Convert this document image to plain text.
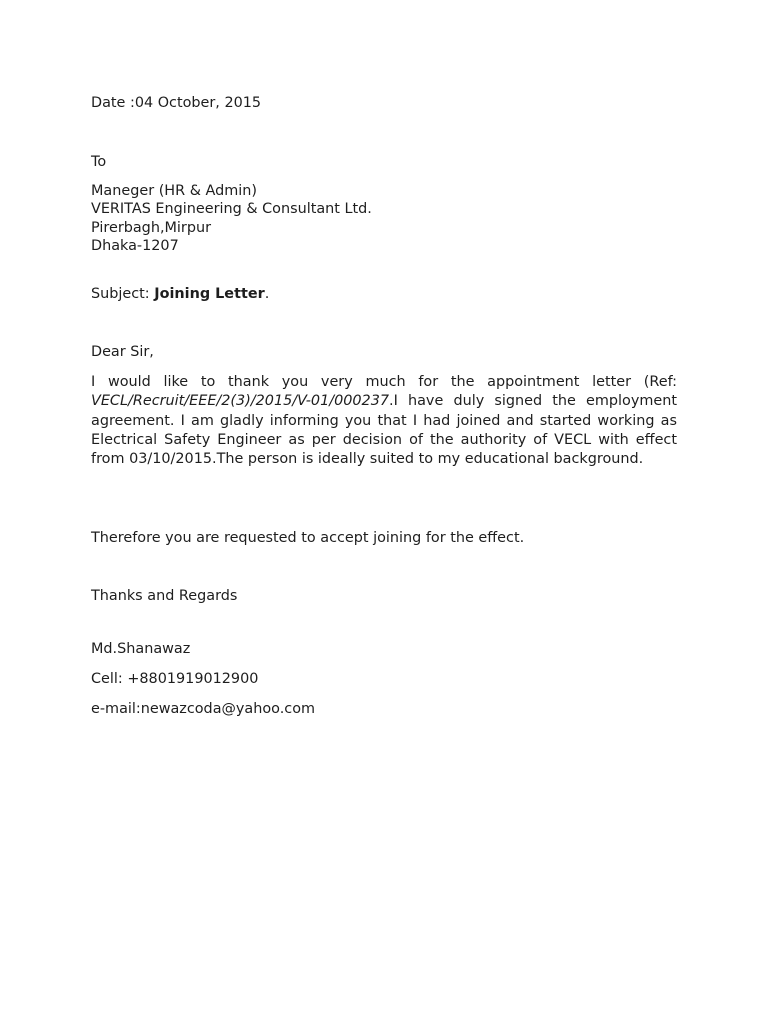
Date :04 October, 2015

To

Maneger (HR & Admin)
VERITAS Engineering & Consultant Ltd.
Pirerbagh,Mirpur
Dhaka-1207

Subject: Joining Letter.

Dear Sir,

I would like to thank you very much for the appointment letter (Ref: VECL/Recruit/EEE/2(3)/2015/V-01/000237.I have duly signed the employment agreement. I am gladly informing you that I had joined and started working as Electrical Safety Engineer as per decision of the authority of VECL with effect from 03/10/2015.The person is ideally suited to my educational background.

Therefore you are requested to accept joining for the effect.

Thanks and Regards

Md.Shanawaz

Cell: +8801919012900

e-mail:newazcoda@yahoo.com
